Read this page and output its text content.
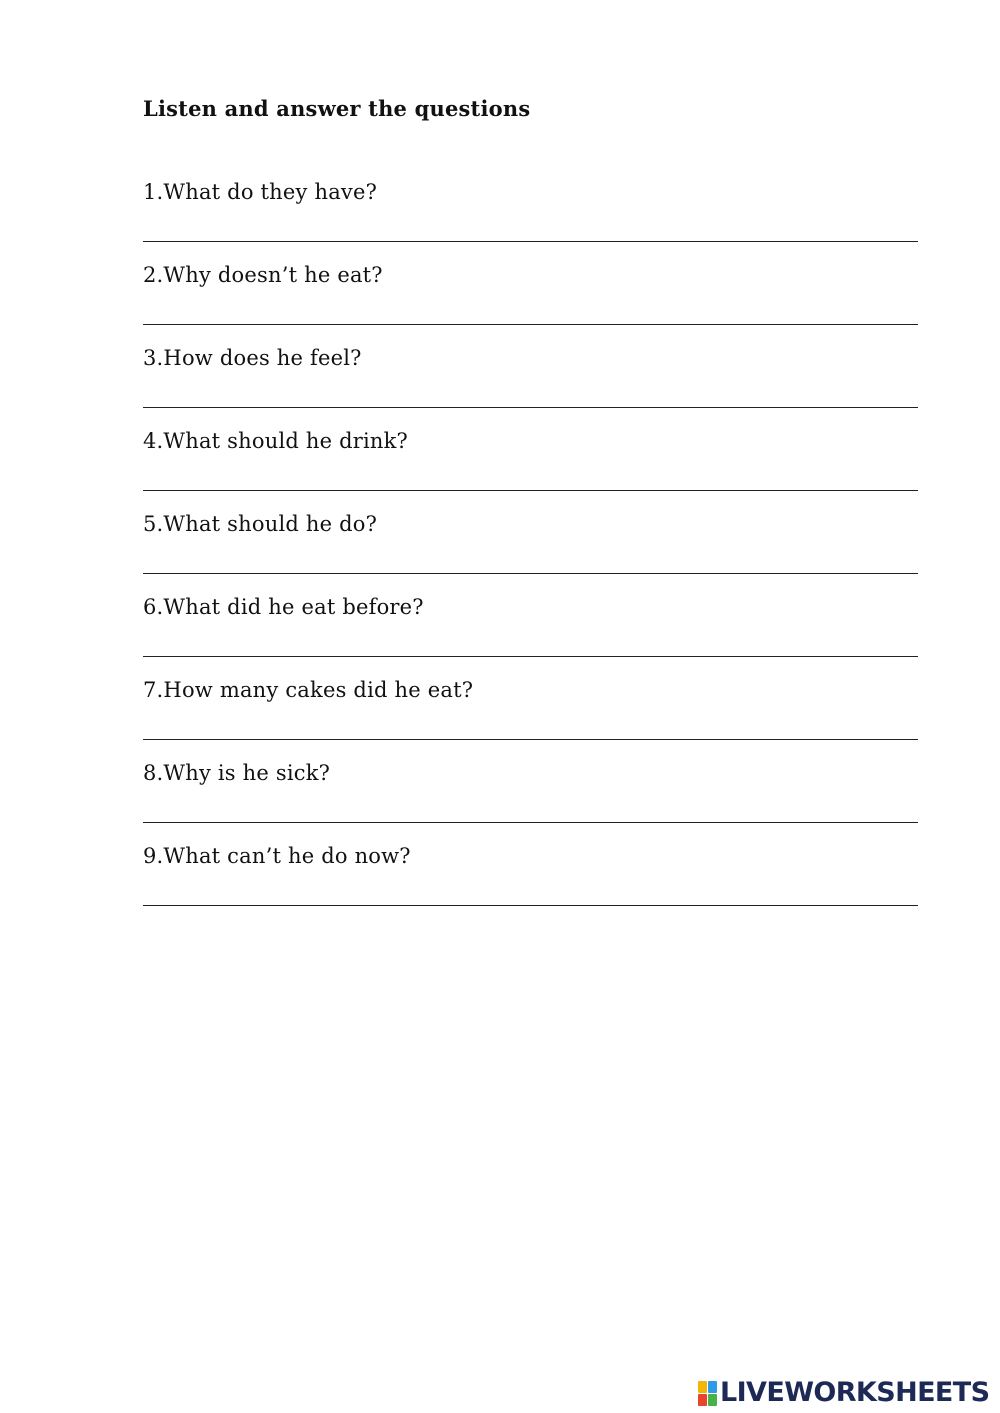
Listen and answer the questions
1.What do they have?
2.Why doesn’t he eat?
3.How does he feel?
4.What should he drink?
5.What should he do?
6.What did he eat before?
7.How many cakes did he eat?
8.Why is he sick?
9.What can’t he do now?
LIVEWORKSHEETS
